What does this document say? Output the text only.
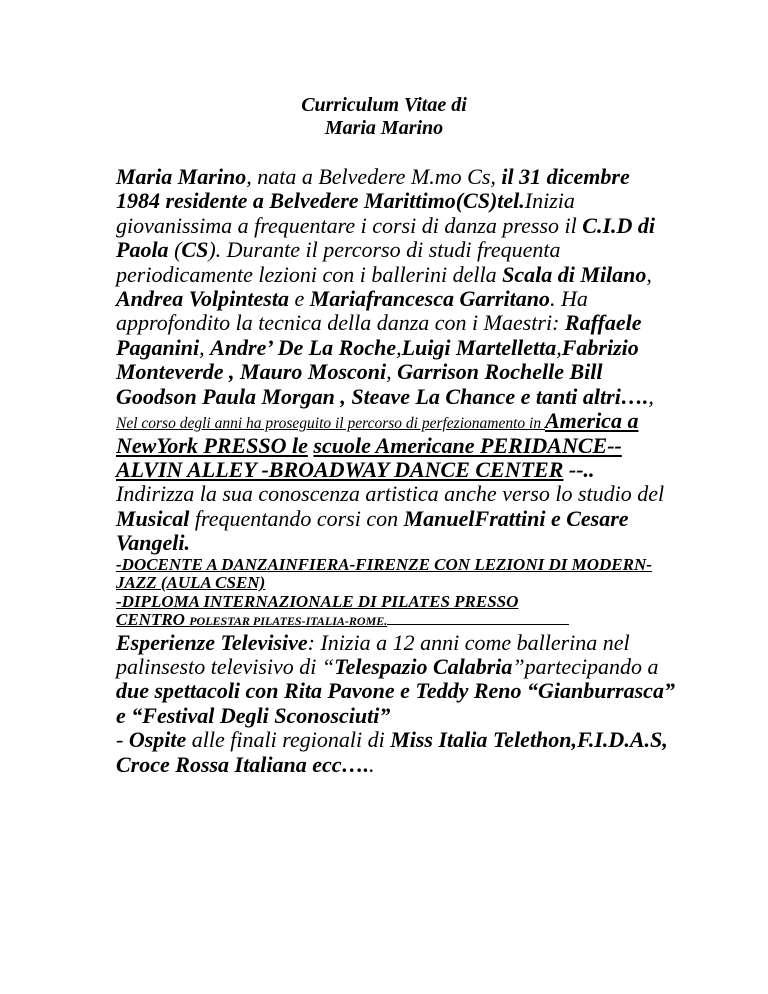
Curriculum Vitae di
Maria Marino

Maria Marino, nata a Belvedere M.mo Cs, il 31 dicembre 1984 residente a Belvedere Marittimo(CS)tel.Inizia giovanissima a frequentare i corsi di danza presso il C.I.D di Paola (CS). Durante il percorso di studi frequenta periodicamente lezioni con i ballerini della Scala di Milano, Andrea Volpintesta e Mariafrancesca Garritano. Ha approfondito la tecnica della danza con i Maestri: Raffaele Paganini, Andre’ De La Roche,Luigi Martelletta,Fabrizio Monteverde , Mauro Mosconi, Garrison Rochelle Bill Goodson Paula Morgan , Steave La Chance e tanti altri….,

Nel corso degli anni ha proseguito il percorso di perfezionamento in America a NewYork PRESSO le scuole Americane PERIDANCE-- ALVIN ALLEY -BROADWAY DANCE CENTER --.. Indirizza la sua conoscenza artistica anche verso lo studio del Musical frequentando corsi con ManuelFrattini e Cesare Vangeli.

-DOCENTE A DANZAINFIERA-FIRENZE CON LEZIONI DI MODERN-JAZZ (AULA CSEN)
-DIPLOMA INTERNAZIONALE DI PILATES PRESSO
CENTRO POLESTAR PILATES-ITALIA-ROME.

Esperienze Televisive: Inizia a 12 anni come ballerina nel palinsesto televisivo di “Telespazio Calabria”partecipando a due spettacoli con Rita Pavone e Teddy Reno “Gianburrasca” e “Festival Degli Sconosciuti”

- Ospite alle finali regionali di Miss Italia Telethon,F.I.D.A.S, Croce Rossa Italiana ecc…..
